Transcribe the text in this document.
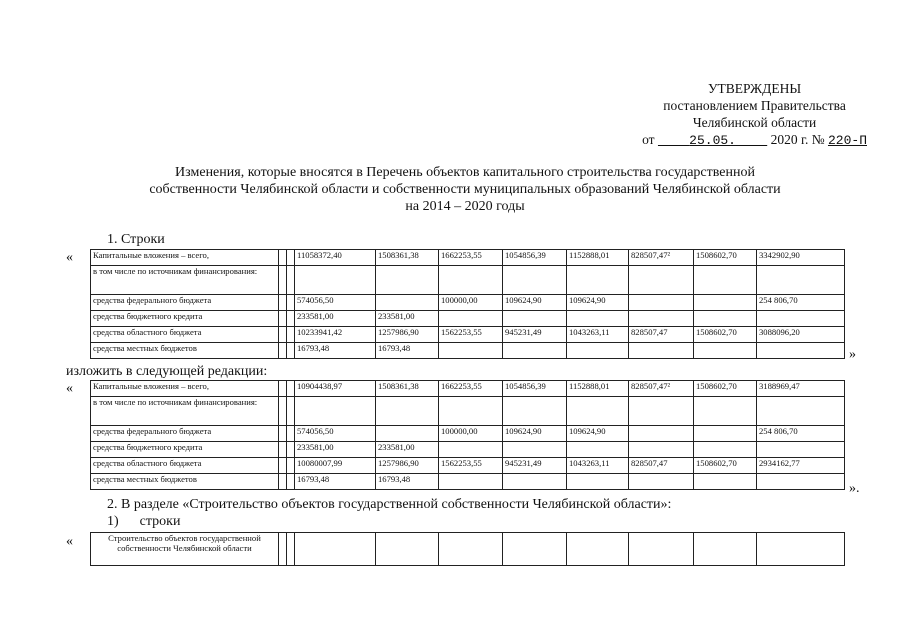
УТВЕРЖДЕНЫ
постановлением Правительства
Челябинской области
от	25.05.	2020 г. № 220-П
Изменения, которые вносятся в Перечень объектов капитального строительства государственной
собственности Челябинской области и собственности муниципальных образований Челябинской области
на 2014 – 2020 годы
1. Строки
« Капитальные вложения – всего,			11058372,40	1508361,38	1662253,55	1054856,39	1152888,01	828507,47²	1508602,70	3342902,90
в том числе по источникам финансирования:										
средства федерального бюджета			574056,50		100000,00	109624,90	109624,90			254 806,70
средства бюджетного кредита			233581,00	233581,00						
средства областного бюджета			10233941,42	1257986,90	1562253,55	945231,49	1043263,11	828507,47	1508602,70	3088096,20
средства местных бюджетов			16793,48	16793,48							»
изложить в следующей редакции:
« Капитальные вложения – всего,			10904438,97	1508361,38	1662253,55	1054856,39	1152888,01	828507,47²	1508602,70	3188969,47
в том числе по источникам финансирования:										
средства федерального бюджета			574056,50		100000,00	109624,90	109624,90			254 806,70
средства бюджетного кредита			233581,00	233581,00						
средства областного бюджета			10080007,99	1257986,90	1562253,55	945231,49	1043263,11	828507,47	1508602,70	2934162,77
средства местных бюджетов			16793,48	16793,48						
».
2. В разделе «Строительство объектов государственной собственности Челябинской области»:
1) строки
«	Строительство объектов государственной собственности Челябинской области										
